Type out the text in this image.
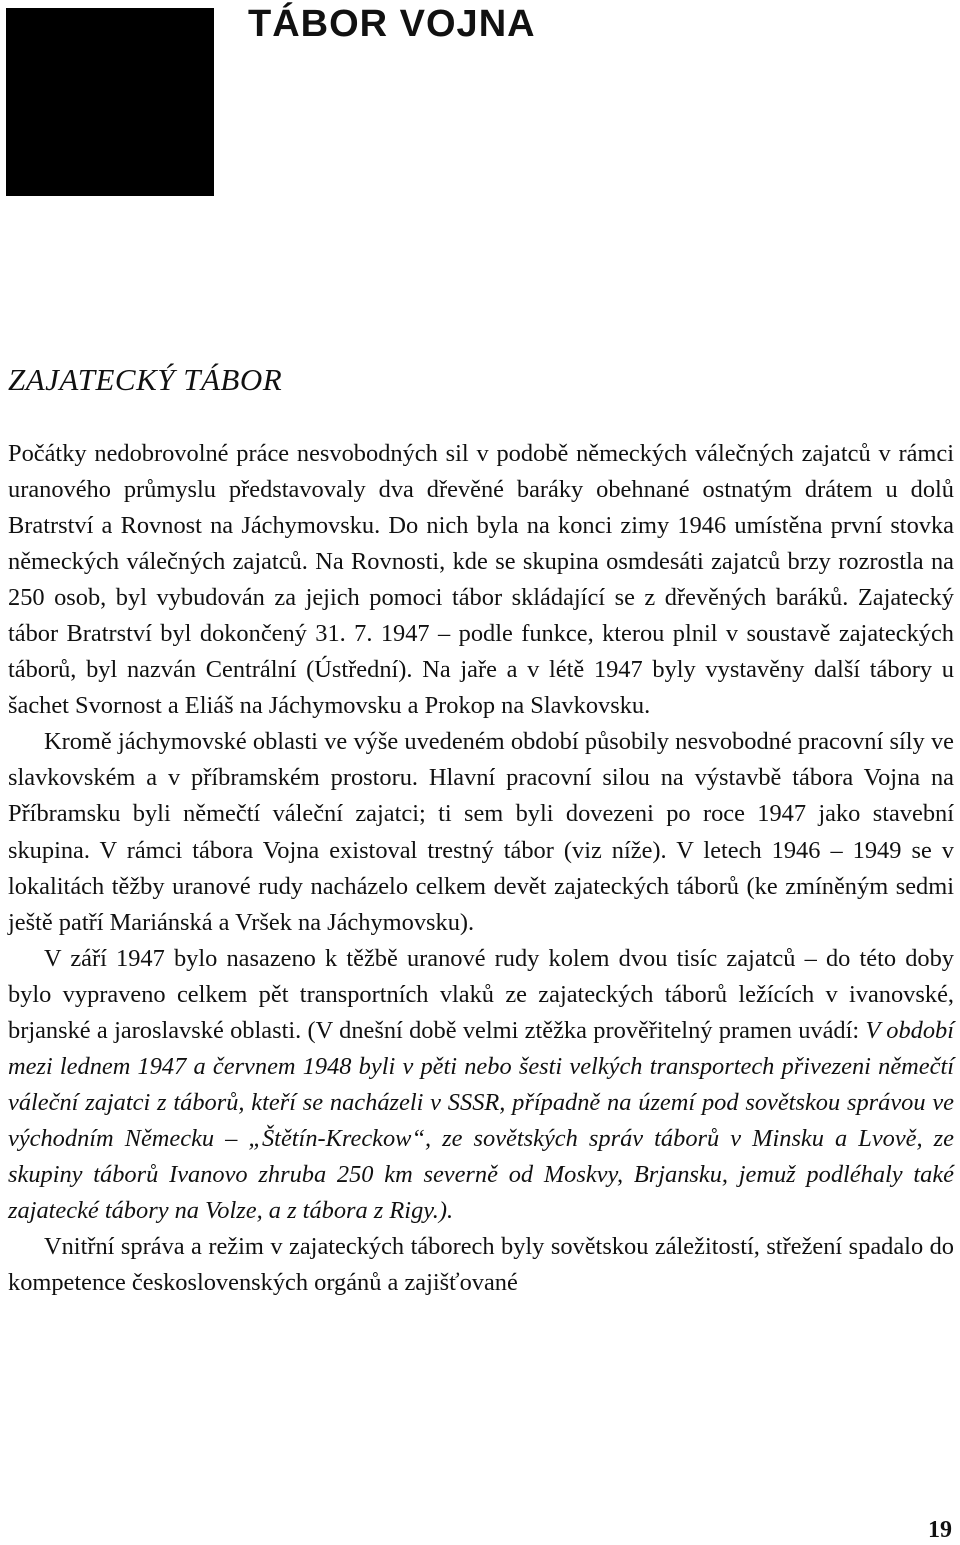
TÁBOR VOJNA
ZAJATECKÝ TÁBOR

Počátky nedobrovolné práce nesvobodných sil v podobě německých válečných zajatců v rámci uranového průmyslu představovaly dva dřevěné baráky obehnané ostnatým drátem u dolů Bratrství a Rovnost na Jáchymovsku. Do nich byla na konci zimy 1946 umístěna první stovka německých válečných zajatců. Na Rovnosti, kde se skupina osmdesáti zajatců brzy rozrostla na 250 osob, byl vybudován za jejich pomoci tábor skládající se z dřevěných baráků. Zajatecký tábor Bratrství byl dokončený 31. 7. 1947 – podle funkce, kterou plnil v soustavě zajateckých táborů, byl nazván Centrální (Ústřední). Na jaře a v létě 1947 byly vystavěny další tábory u šachet Svornost a Eliáš na Jáchymovsku a Prokop na Slavkovsku.

Kromě jáchymovské oblasti ve výše uvedeném období působily nesvobodné pracovní síly ve slavkovském a v příbramském prostoru. Hlavní pracovní silou na výstavbě tábora Vojna na Příbramsku byli němečtí váleční zajatci; ti sem byli dovezeni po roce 1947 jako stavební skupina. V rámci tábora Vojna existoval trestný tábor (viz níže). V letech 1946 – 1949 se v lokalitách těžby uranové rudy nacházelo celkem devět zajateckých táborů (ke zmíněným sedmi ještě patří Mariánská a Vršek na Jáchymovsku).

V září 1947 bylo nasazeno k těžbě uranové rudy kolem dvou tisíc zajatců – do této doby bylo vypraveno celkem pět transportních vlaků ze zajateckých táborů ležících v ivanovské, brjanské a jaroslavské oblasti. (V dnešní době velmi ztěžka prověřitelný pramen uvádí: V období mezi lednem 1947 a červnem 1948 byli v pěti nebo šesti velkých transportech přivezeni němečtí váleční zajatci z táborů, kteří se nacházeli v SSSR, případně na území pod sovětskou správou ve východním Německu – „Štětín-Kreckow“, ze sovětských správ táborů v Minsku a Lvově, ze skupiny táborů Ivanovo zhruba 250 km severně od Moskvy, Brjansku, jemuž podléhaly také zajatecké tábory na Volze, a z tábora z Rigy.).

Vnitřní správa a režim v zajateckých táborech byly sovětskou záležitostí, střežení spadalo do kompetence československých orgánů a zajišťované

19
